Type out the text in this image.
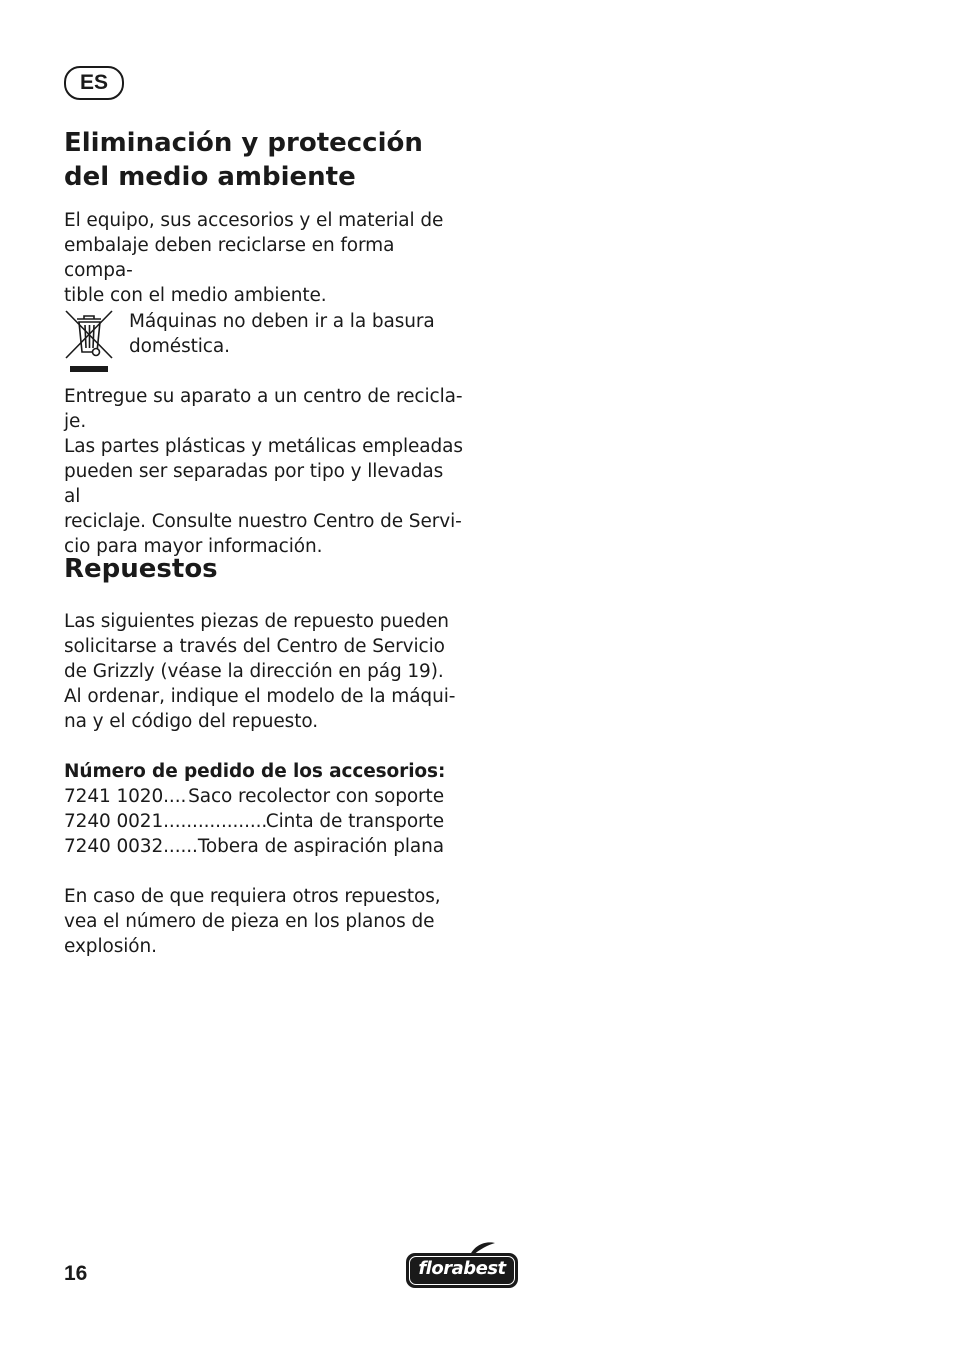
ES
Eliminación y protección
del medio ambiente

El equipo, sus accesorios y el material de
embalaje deben reciclarse en forma compa-
tible con el medio ambiente.

Máquinas no deben ir a la basura
doméstica.

Entregue su aparato a un centro de recicla-
je.
Las partes plásticas y metálicas empleadas
pueden ser separadas por tipo y llevadas al
reciclaje. Consulte nuestro Centro de Servi-
cio para mayor información.

Repuestos

Las siguientes piezas de repuesto pueden
solicitarse a través del Centro de Servicio
de Grizzly (véase la dirección en pág 19).
Al ordenar, indique el modelo de la máqui-
na y el código del repuesto.

Número de pedido de los accesorios:

7241 1020 ..... Saco recolector con soporte
7240 0021 .....	Cinta de transporte
7240 0032 ..... Tobera de aspiración plana

En caso de que requiera otros repuestos,
vea el número de pieza en los planos de
explosión.

16	florabest
